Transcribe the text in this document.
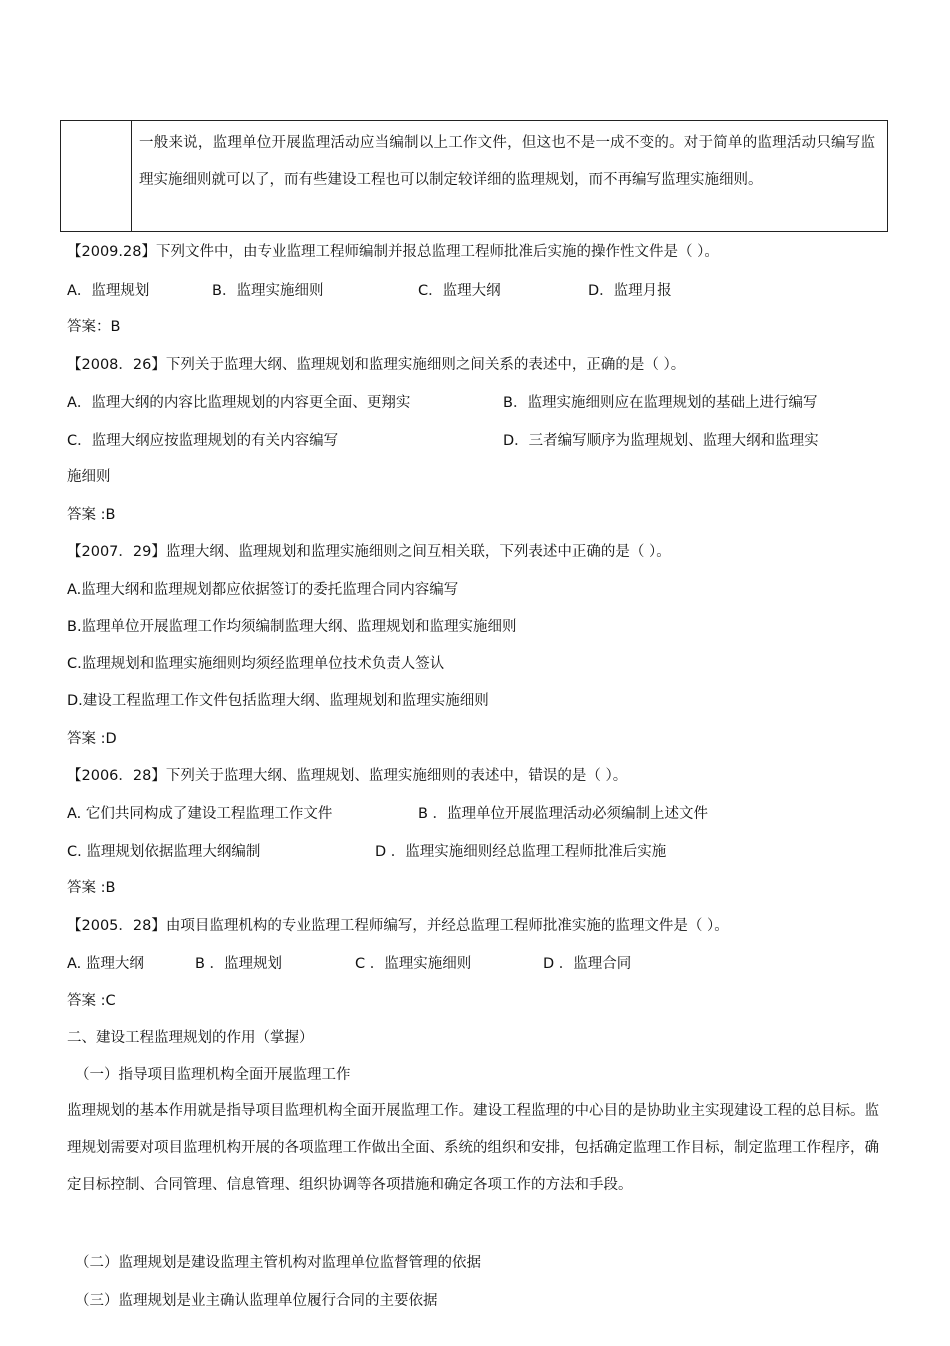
一般来说，监理单位开展监理活动应当编制以上工作文件，但这也不是一成不变的。对于简单的监理活动只编写监理实施细则就可以了，而有些建设工程也可以制定较详细的监理规划，而不再编写监理实施细则。
【2009.28】下列文件中，由专业监理工程师编制并报总监理工程师批准后实施的操作性文件是（ ）。
A．监理规划	B．监理实施细则	C．监理大纲	D．监理月报
答案：B
【2008．26】下列关于监理大纲、监理规划和监理实施细则之间关系的表述中，正确的是（ ）。
A．监理大纲的内容比监理规划的内容更全面、更翔实	B．监理实施细则应在监理规划的基础上进行编写
C．监理大纲应按监理规划的有关内容编写	D．三者编写顺序为监理规划、监理大纲和监理实
施细则
答案 :B
【2007．29】监理大纲、监理规划和监理实施细则之间互相关联，下列表述中正确的是（ ）。
A.监理大纲和监理规划都应依据签订的委托监理合同内容编写
B.监理单位开展监理工作均须编制监理大纲、监理规划和监理实施细则
C.监理规划和监理实施细则均须经监理单位技术负责人签认
D.建设工程监理工作文件包括监理大纲、监理规划和监理实施细则
答案 :D
【2006．28】下列关于监理大纲、监理规划、监理实施细则的表述中，错误的是（ ）。
A. 它们共同构成了建设工程监理工作文件	B ．监理单位开展监理活动必须编制上述文件
C. 监理规划依据监理大纲编制	D ．监理实施细则经总监理工程师批准后实施
答案 :B
【2005．28】由项目监理机构的专业监理工程师编写，并经总监理工程师批准实施的监理文件是（ ）。
A. 监理大纲	B ．监理规划	C ．监理实施细则	D ．监理合同
答案 :C
二、建设工程监理规划的作用（掌握）
（一）指导项目监理机构全面开展监理工作
监理规划的基本作用就是指导项目监理机构全面开展监理工作。建设工程监理的中心目的是协助业主实现建设工程的总目标。监理规划需要对项目监理机构开展的各项监理工作做出全面、系统的组织和安排，包括确定监理工作目标，制定监理工作程序，确定目标控制、合同管理、信息管理、组织协调等各项措施和确定各项工作的方法和手段。
（二）监理规划是建设监理主管机构对监理单位监督管理的依据
（三）监理规划是业主确认监理单位履行合同的主要依据
